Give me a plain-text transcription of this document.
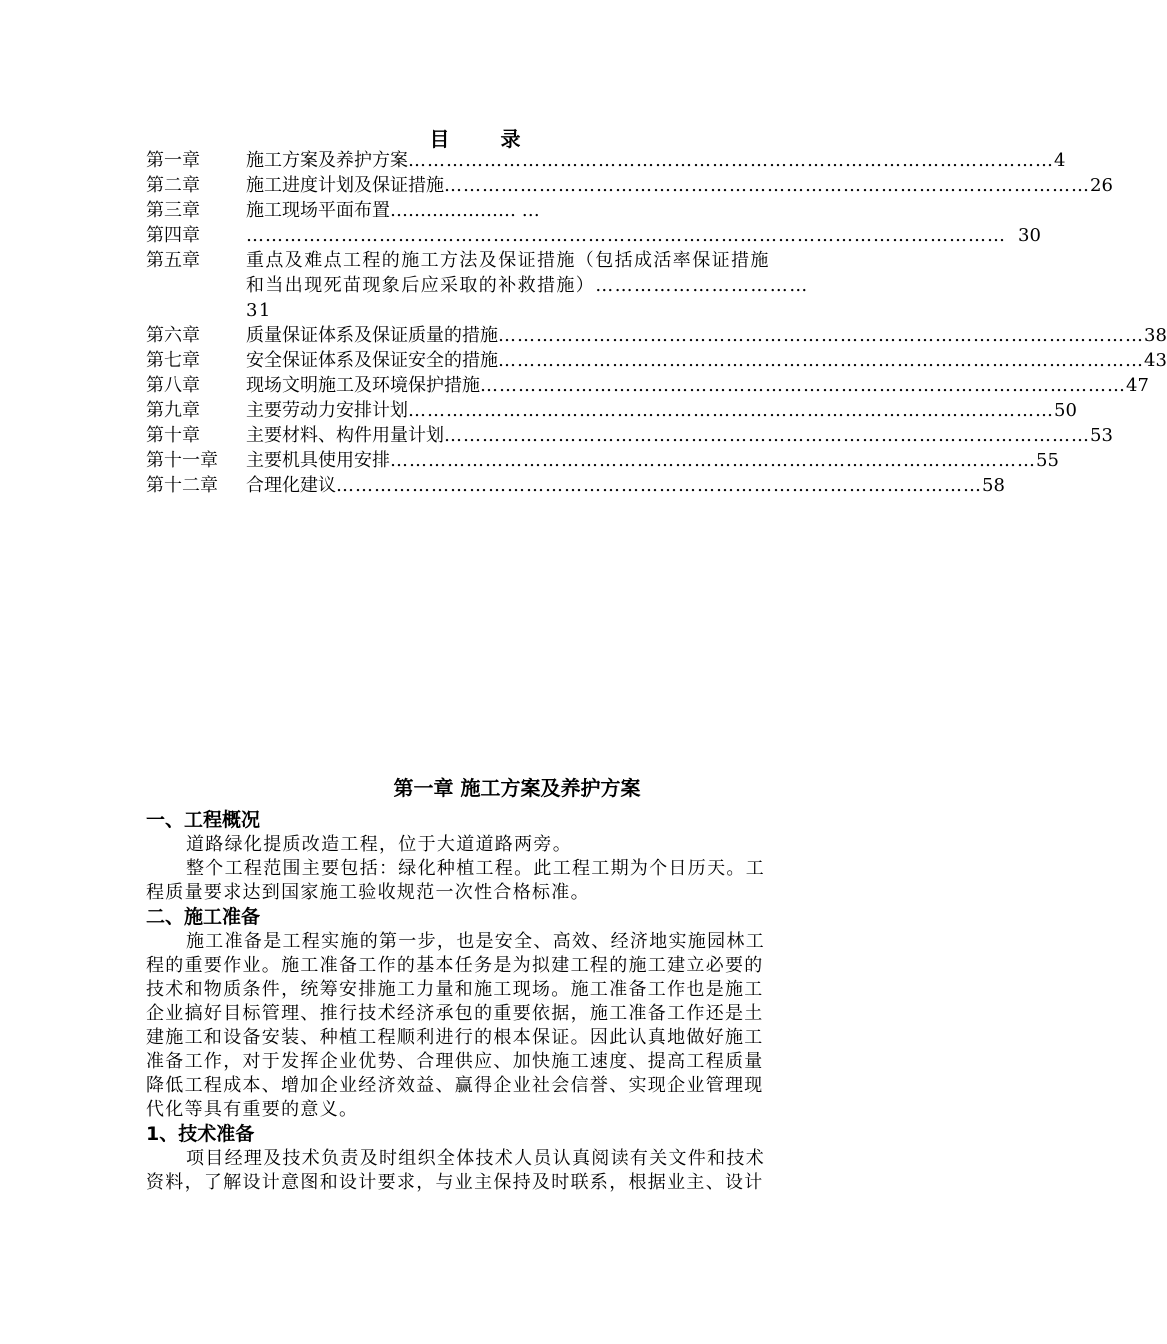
目 录
第一章	施工方案及养护方案 ………………………………………………………………………………………… 4
第二章	施工进度计划及保证措施 ………………………………………………………………………………………… 26
第三章	施工现场平面布置………………… …
第四章	………………………………………………………………………………………………………… 30
第五章	重点及难点工程的施工方法及保证措施（包括成活率保证措施
和当出现死苗现象后应采取的补救措施）……………………………
31
第六章	质量保证体系及保证质量的措施 ………………………………………………………………………………………… 38
第七章	安全保证体系及保证安全的措施 ………………………………………………………………………………………… 43
第八章	现场文明施工及环境保护措施 ………………………………………………………………………………………… 47
第九章	主要劳动力安排计划 ………………………………………………………………………………………… 50
第十章	主要材料、构件用量计划 ………………………………………………………………………………………… 53
第十一章	主要机具使用安排 ………………………………………………………………………………………… 55
第十二章	合理化建议 ………………………………………………………………………………………… 58
第一章 施工方案及养护方案
一、工程概况
道路绿化提质改造工程，位于大道道路两旁。
整个工程范围主要包括：绿化种植工程。此工程工期为个日历天。工
程质量要求达到国家施工验收规范一次性合格标准。
二、施工准备
施工准备是工程实施的第一步，也是安全、高效、经济地实施园林工
程的重要作业。施工准备工作的基本任务是为拟建工程的施工建立必要的
技术和物质条件，统筹安排施工力量和施工现场。施工准备工作也是施工
企业搞好目标管理、推行技术经济承包的重要依据，施工准备工作还是土
建施工和设备安装、种植工程顺利进行的根本保证。因此认真地做好施工
准备工作，对于发挥企业优势、合理供应、加快施工速度、提高工程质量
降低工程成本、增加企业经济效益、赢得企业社会信誉、实现企业管理现
代化等具有重要的意义。
1、技术准备
项目经理及技术负责及时组织全体技术人员认真阅读有关文件和技术
资料，了解设计意图和设计要求，与业主保持及时联系，根据业主、设计
